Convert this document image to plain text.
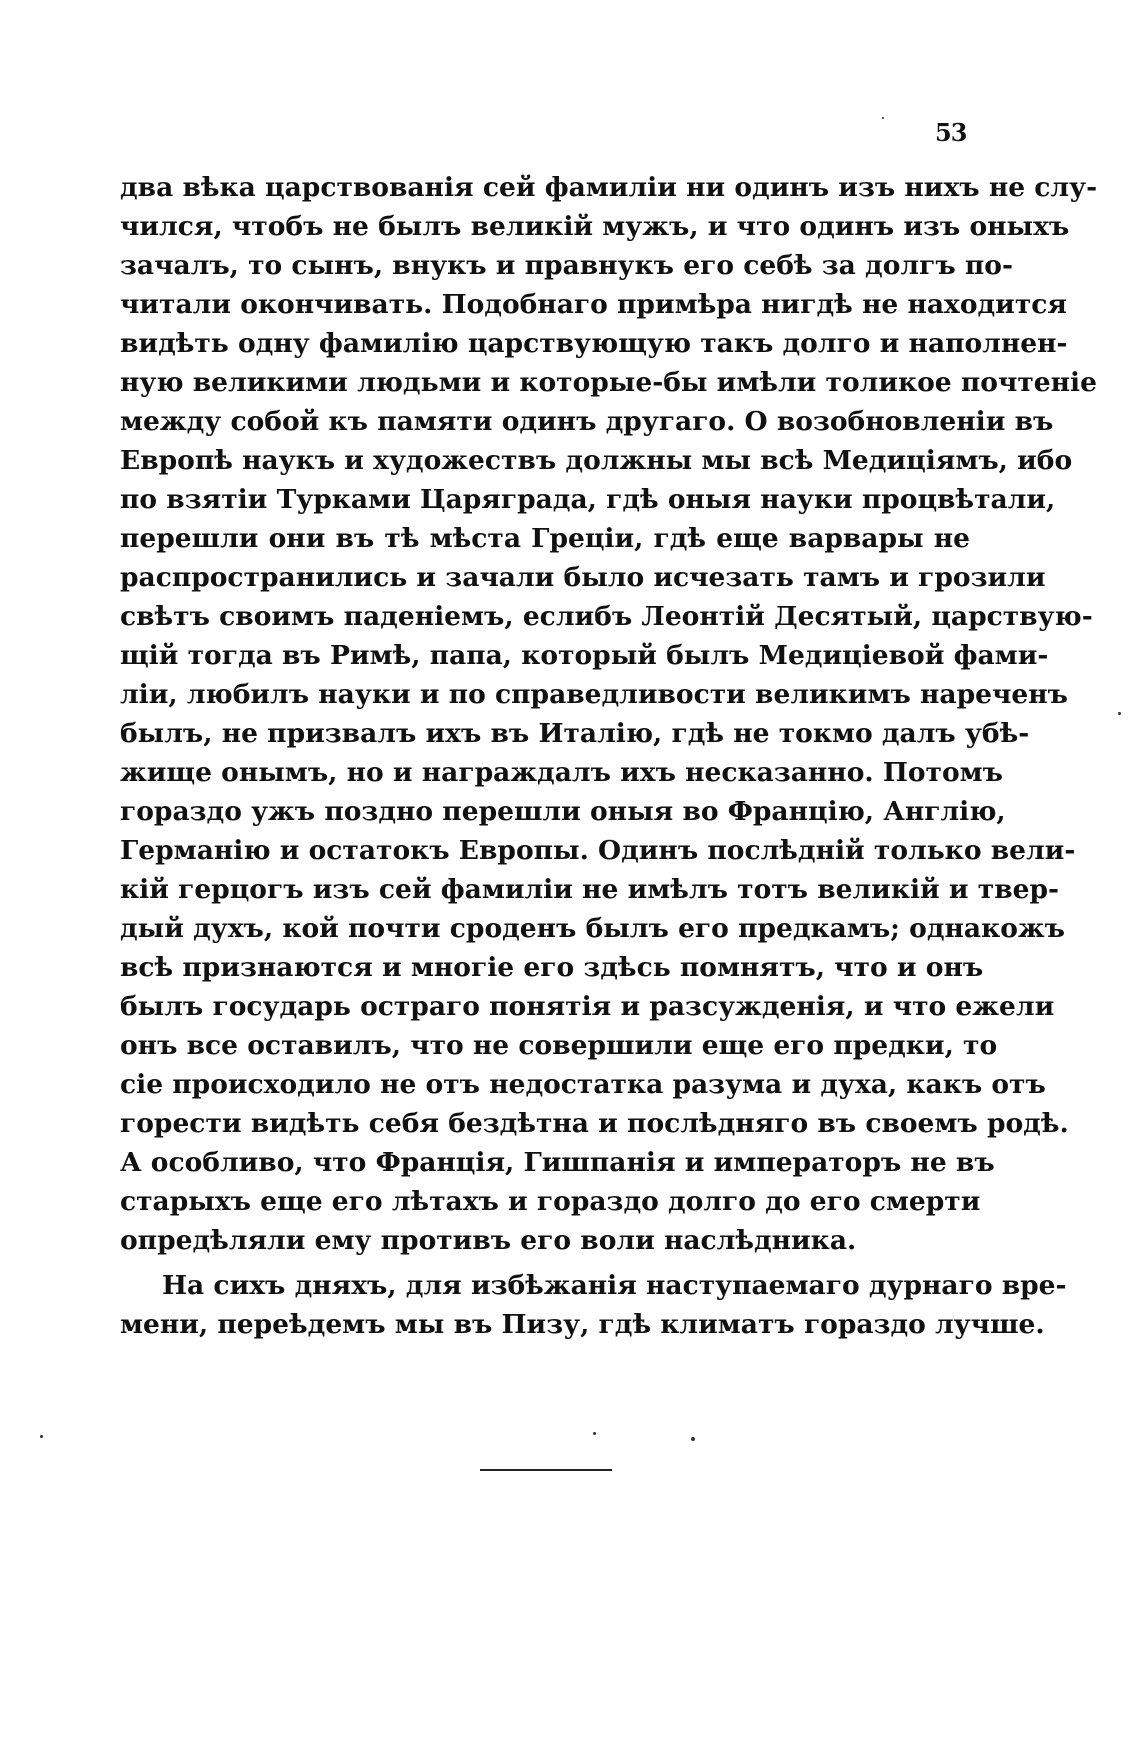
53
два вѣка царствованія сей фамиліи ни одинъ изъ нихъ не слу-
чился, чтобъ не былъ великій мужъ, и что одинъ изъ оныхъ
зачалъ, то сынъ, внукъ и правнукъ его себѣ за долгъ по-
читали окончивать. Подобнаго примѣра нигдѣ не находится
видѣть одну фамилію царствующую такъ долго и наполнен-
ную великими людьми и которые-бы имѣли толикое почтеніе
между собой къ памяти одинъ другаго. О возобновленіи въ
Европѣ наукъ и художествъ должны мы всѣ Медиціямъ, ибо
по взятіи Турками Царяграда, гдѣ оныя науки процвѣтали,
перешли они въ тѣ мѣста Греціи, гдѣ еще варвары не
распространились и зачали было исчезать тамъ и грозили
свѣтъ своимъ паденіемъ, еслибъ Леонтій Десятый, царствую-
щій тогда въ Римѣ, папа, который былъ Медиціевой фами-
ліи, любилъ науки и по справедливости великимъ нареченъ
былъ, не призвалъ ихъ въ Италію, гдѣ не токмо далъ убѣ-
жище онымъ, но и награждалъ ихъ несказанно. Потомъ
гораздо ужъ поздно перешли оныя во Францію, Англію,
Германію и остатокъ Европы. Одинъ послѣдній только вели-
кій герцогъ изъ сей фамиліи не имѣлъ тотъ великій и твер-
дый духъ, кой почти сроденъ былъ его предкамъ; однакожъ
всѣ признаются и многіе его здѣсь помнятъ, что и онъ
былъ государь остраго понятія и разсужденія, и что ежели
онъ все оставилъ, что не совершили еще его предки, то
сіе происходило не отъ недостатка разума и духа, какъ отъ
горести видѣть себя бездѣтна и послѣдняго въ своемъ родѣ.
А особливо, что Франція, Гишпанія и императоръ не въ
старыхъ еще его лѣтахъ и гораздо долго до его смерти
опредѣляли ему противъ его воли наслѣдника.
На сихъ дняхъ, для избѣжанія наступаемаго дурнаго вре-
мени, переѣдемъ мы въ Пизу, гдѣ климатъ гораздо лучше.
